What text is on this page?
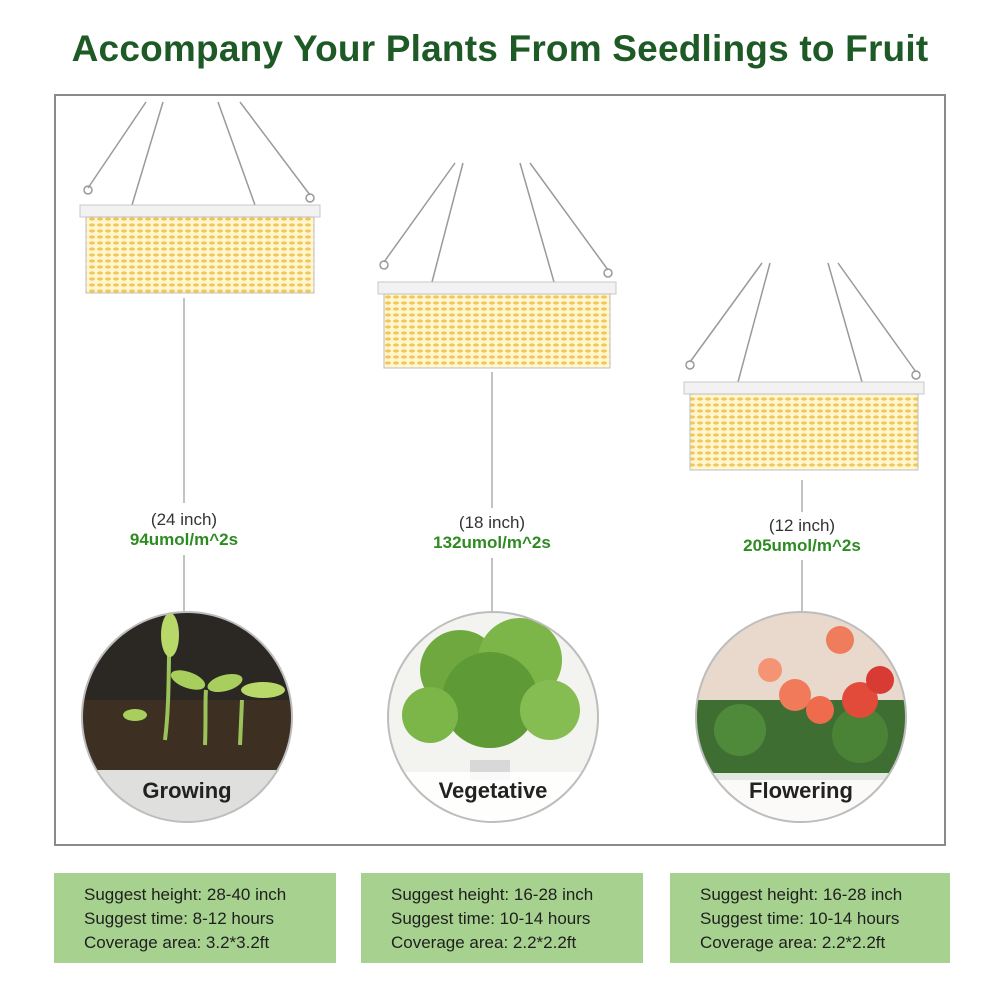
Accompany Your Plants From Seedlings to Fruit
(24 inch)
94umol/m^2s
Growing
(18 inch)
132umol/m^2s
Vegetative
(12 inch)
205umol/m^2s
Flowering
Suggest height: 28-40 inch
Suggest time: 8-12 hours
Coverage area: 3.2*3.2ft
Suggest height: 16-28 inch
Suggest time: 10-14 hours
Coverage area: 2.2*2.2ft
Suggest height: 16-28 inch
Suggest time: 10-14 hours
Coverage area: 2.2*2.2ft
